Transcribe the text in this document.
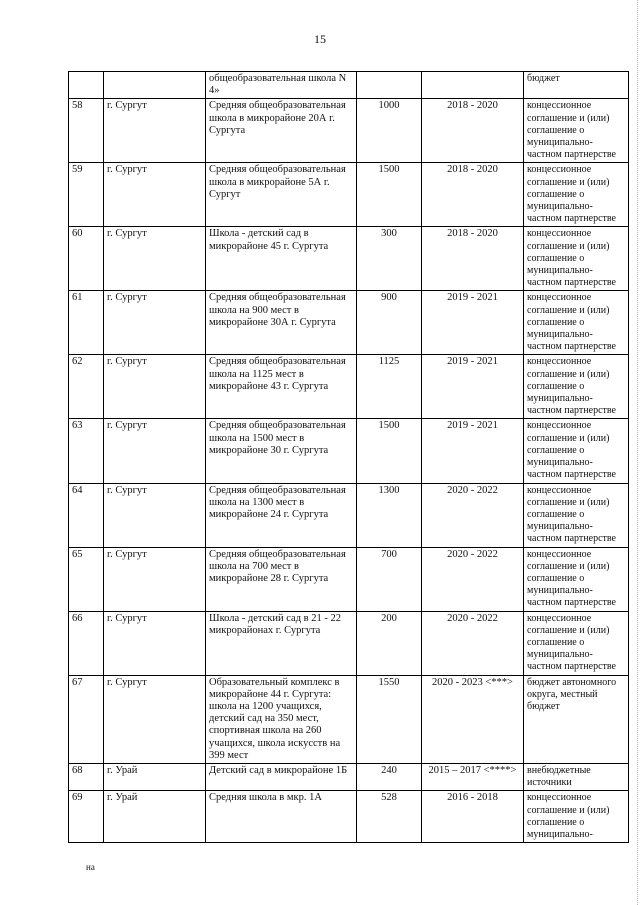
15
		общеобразовательная школа N 4»			бюджет
58	г. Сургут	Средняя общеобразовательная школа в микрорайоне 20А г. Сургута	1000	2018 - 2020	концессионное соглашение и (или) соглашение о муниципально-частном партнерстве
59	г. Сургут	Средняя общеобразовательная школа в микрорайоне 5А г. Сургут	1500	2018 - 2020	концессионное соглашение и (или) соглашение о муниципально-частном партнерстве
60	г. Сургут	Школа - детский сад в микрорайоне 45 г. Сургута	300	2018 - 2020	концессионное соглашение и (или) соглашение о муниципально-частном партнерстве
61	г. Сургут	Средняя общеобразовательная школа на 900 мест в микрорайоне 30А г. Сургута	900	2019 - 2021	концессионное соглашение и (или) соглашение о муниципально-частном партнерстве
62	г. Сургут	Средняя общеобразовательная школа на 1125 мест в микрорайоне 43 г. Сургута	1125	2019 - 2021	концессионное соглашение и (или) соглашение о муниципально-частном партнерстве
63	г. Сургут	Средняя общеобразовательная школа на 1500 мест в микрорайоне 30 г. Сургута	1500	2019 - 2021	концессионное соглашение и (или) соглашение о муниципально-частном партнерстве
64	г. Сургут	Средняя общеобразовательная школа на 1300 мест в микрорайоне 24 г. Сургута	1300	2020 - 2022	концессионное соглашение и (или) соглашение о муниципально-частном партнерстве
65	г. Сургут	Средняя общеобразовательная школа на 700 мест в микрорайоне 28 г. Сургута	700	2020 - 2022	концессионное соглашение и (или) соглашение о муниципально-частном партнерстве
66	г. Сургут	Школа - детский сад в 21 - 22 микрорайонах г. Сургута	200	2020 - 2022	концессионное соглашение и (или) соглашение о муниципально-частном партнерстве
67	г. Сургут	Образовательный комплекс в микрорайоне 44 г. Сургута: школа на 1200 учащихся, детский сад на 350 мест, спортивная школа на 260 учащихся, школа искусств на 399 мест	1550	2020 - 2023 <***>	бюджет автономного округа, местный бюджет
68	г. Урай	Детский сад в микрорайоне 1Б	240	2015 – 2017 <****>	внебюджетные источники
69	г. Урай	Средняя школа в мкр. 1А	528	2016 - 2018	концессионное соглашение и (или) соглашение о муниципально-
на
